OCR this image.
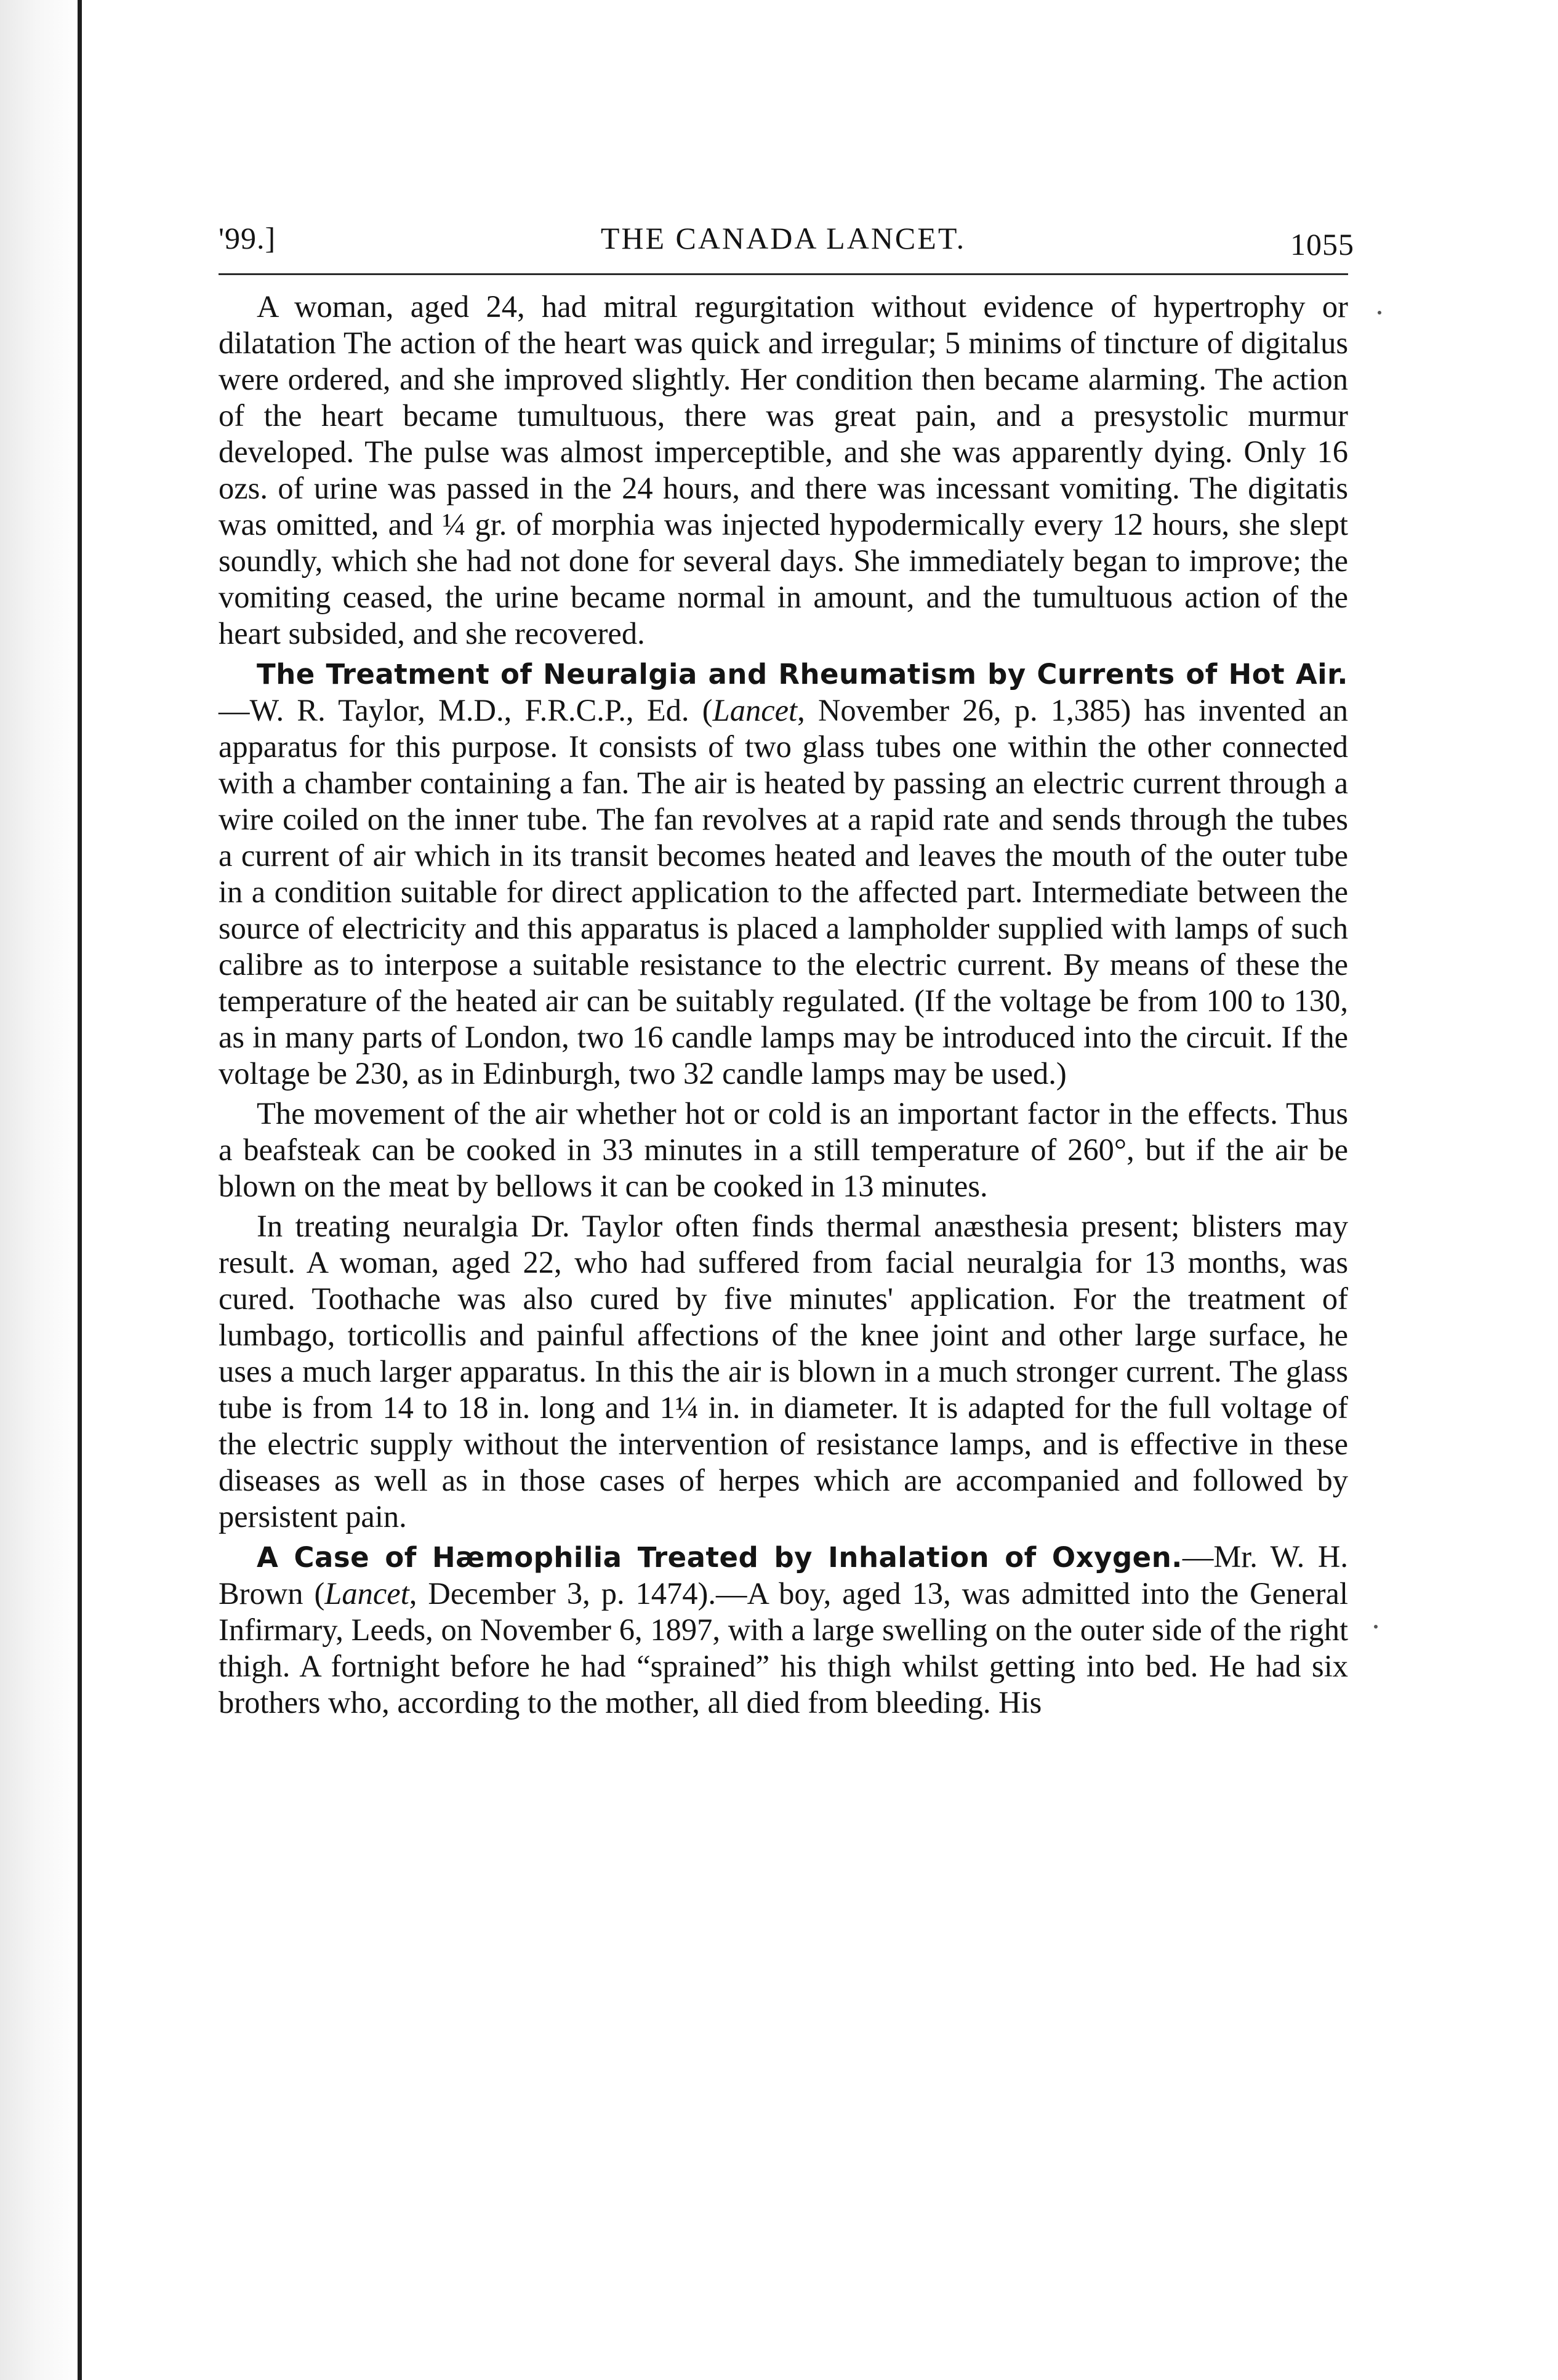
'99.]	THE CANADA LANCET.	1055

A woman, aged 24, had mitral regurgitation without evidence of hypertrophy or dilatation The action of the heart was quick and irregular; 5 minims of tincture of digitalus were ordered, and she improved slightly. Her condition then became alarming. The action of the heart became tumultuous, there was great pain, and a presystolic murmur developed. The pulse was almost imperceptible, and she was apparently dying. Only 16 ozs. of urine was passed in the 24 hours, and there was incessant vomiting. The digitatis was omitted, and ¼ gr. of morphia was injected hypodermically every 12 hours, she slept soundly, which she had not done for several days. She immediately began to improve; the vomiting ceased, the urine became normal in amount, and the tumultuous action of the heart subsided, and she recovered.

The Treatment of Neuralgia and Rheumatism by Currents of Hot Air.—W. R. Taylor, M.D., F.R.C.P., Ed. (Lancet, November 26, p. 1,385) has invented an apparatus for this purpose. It consists of two glass tubes one within the other connected with a chamber containing a fan. The air is heated by passing an electric current through a wire coiled on the inner tube. The fan revolves at a rapid rate and sends through the tubes a current of air which in its transit becomes heated and leaves the mouth of the outer tube in a condition suitable for direct application to the affected part. Intermediate between the source of electricity and this apparatus is placed a lampholder supplied with lamps of such calibre as to interpose a suitable resistance to the electric current. By means of these the temperature of the heated air can be suitably regulated. (If the voltage be from 100 to 130, as in many parts of London, two 16 candle lamps may be introduced into the circuit. If the voltage be 230, as in Edinburgh, two 32 candle lamps may be used.)

The movement of the air whether hot or cold is an important factor in the effects. Thus a beafsteak can be cooked in 33 minutes in a still temperature of 260°, but if the air be blown on the meat by bellows it can be cooked in 13 minutes.

In treating neuralgia Dr. Taylor often finds thermal anæsthesia present; blisters may result. A woman, aged 22, who had suffered from facial neuralgia for 13 months, was cured. Toothache was also cured by five minutes' application. For the treatment of lumbago, torticollis and painful affections of the knee joint and other large surface, he uses a much larger apparatus. In this the air is blown in a much stronger current. The glass tube is from 14 to 18 in. long and 1¼ in. in diameter. It is adapted for the full voltage of the electric supply without the intervention of resistance lamps, and is effective in these diseases as well as in those cases of herpes which are accompanied and followed by persistent pain.

A Case of Hæmophilia Treated by Inhalation of Oxygen.—Mr. W. H. Brown (Lancet, December 3, p. 1474).—A boy, aged 13, was admitted into the General Infirmary, Leeds, on November 6, 1897, with a large swelling on the outer side of the right thigh. A fortnight before he had “sprained” his thigh whilst getting into bed. He had six brothers who, according to the mother, all died from bleeding. His
